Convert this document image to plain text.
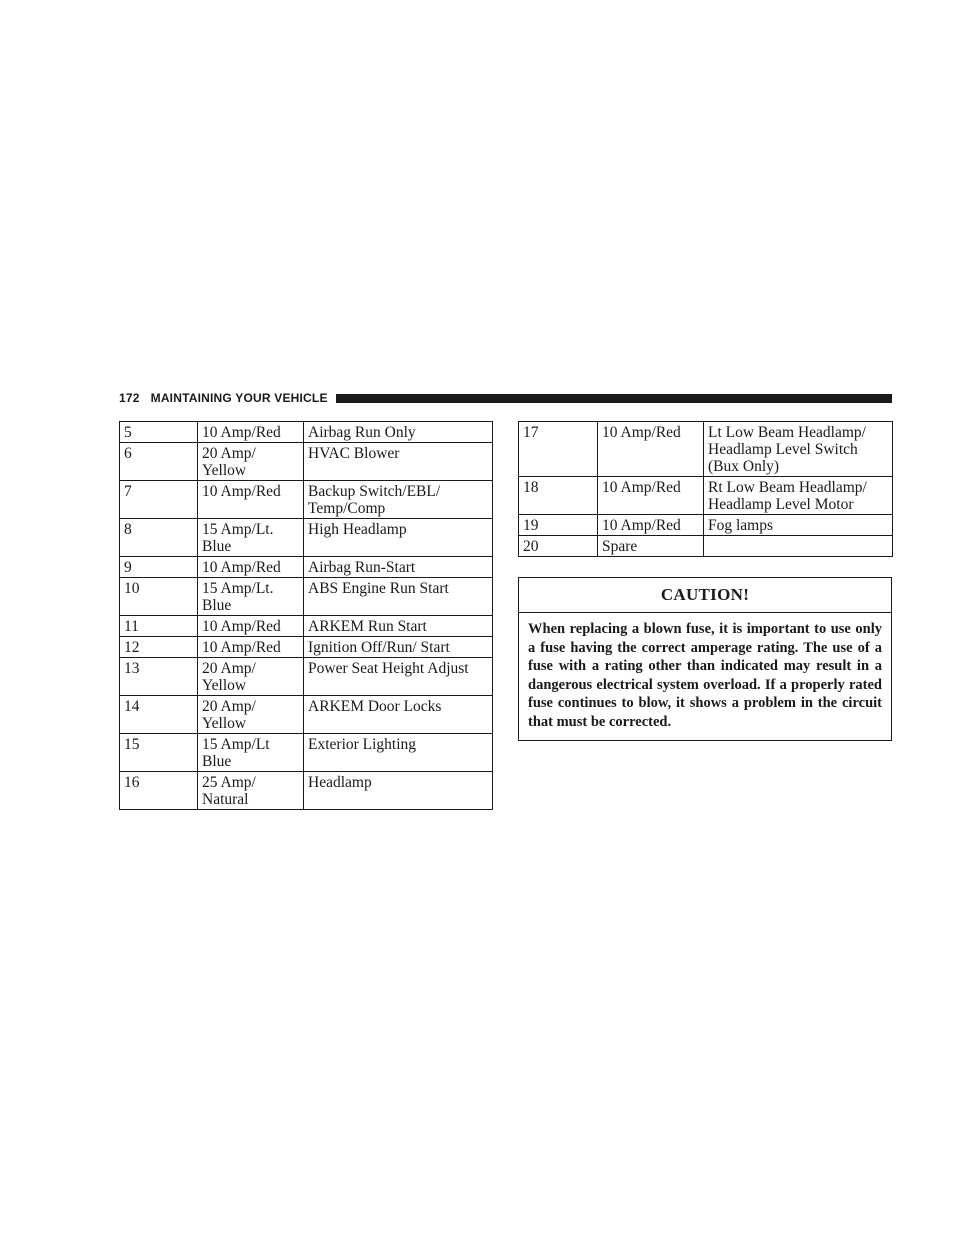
172 MAINTAINING YOUR VEHICLE
5	10 Amp/Red	Airbag Run Only
6	20 Amp/ Yellow	HVAC Blower
7	10 Amp/Red	Backup Switch/EBL/ Temp/Comp
8	15 Amp/Lt. Blue	High Headlamp
9	10 Amp/Red	Airbag Run-Start
10	15 Amp/Lt. Blue	ABS Engine Run Start
11	10 Amp/Red	ARKEM Run Start
12	10 Amp/Red	Ignition Off/Run/ Start
13	20 Amp/ Yellow	Power Seat Height Adjust
14	20 Amp/ Yellow	ARKEM Door Locks
15	15 Amp/Lt Blue	Exterior Lighting
16	25 Amp/ Natural	Headlamp
17	10 Amp/Red	Lt Low Beam Headlamp/ Headlamp Level Switch (Bux Only)
18	10 Amp/Red	Rt Low Beam Headlamp/ Headlamp Level Motor
19	10 Amp/Red	Fog lamps
20	Spare	
CAUTION!
When replacing a blown fuse, it is important to use only a fuse having the correct amperage rating. The use of a fuse with a rating other than indicated may result in a dangerous electrical system overload. If a properly rated fuse continues to blow, it shows a problem in the circuit that must be corrected.
